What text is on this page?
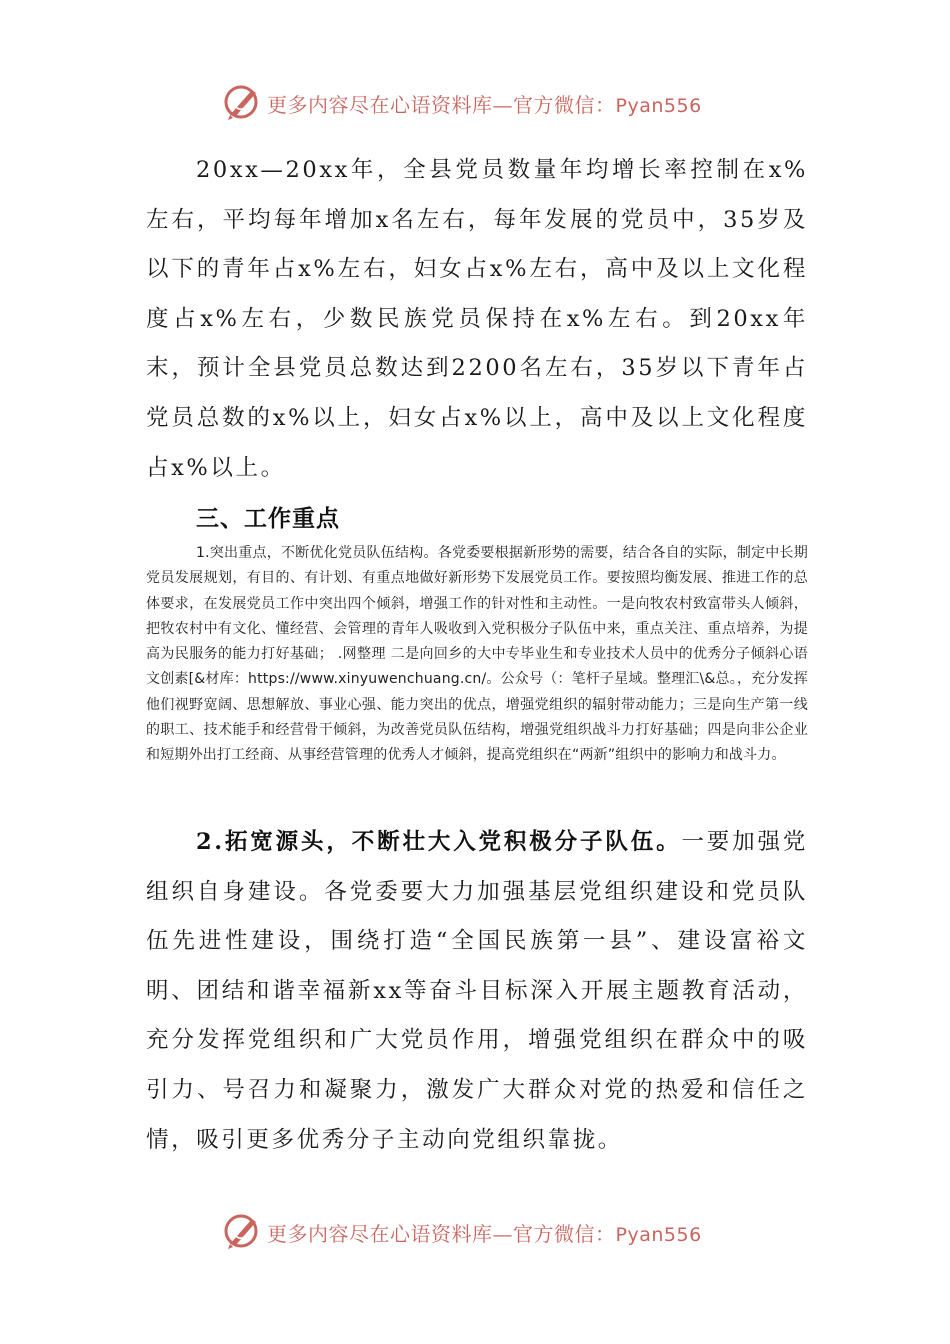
更多内容尽在心语资料库—官方微信：Pyan556

20xx—20xx年，全县党员数量年均增长率控制在x%左右，平均每年增加x名左右，每年发展的党员中，35岁及以下的青年占x%左右，妇女占x%左右，高中及以上文化程度占x%左右，少数民族党员保持在x%左右。到20xx年末，预计全县党员总数达到2200名左右，35岁以下青年占党员总数的x%以上，妇女占x%以上，高中及以上文化程度占x%以上。

三、工作重点

1.突出重点，不断优化党员队伍结构。各党委要根据新形势的需要，结合各自的实际，制定中长期党员发展规划，有目的、有计划、有重点地做好新形势下发展党员工作。要按照均衡发展、推进工作的总体要求，在发展党员工作中突出四个倾斜，增强工作的针对性和主动性。一是向牧农村致富带头人倾斜，把牧农村中有文化、懂经营、会管理的青年人吸收到入党积极分子队伍中来，重点关注、重点培养，为提高为民服务的能力打好基础； .网整理 二是向回乡的大中专毕业生和专业技术人员中的优秀分子倾斜心语文创素[&材库：https://www.xinyuwenchuang.cn/。公众号（：笔杆子星域。整理汇\&总。，充分发挥他们视野宽阔、思想解放、事业心强、能力突出的优点，增强党组织的辐射带动能力；三是向生产第一线的职工、技术能手和经营骨干倾斜，为改善党员队伍结构，增强党组织战斗力打好基础；四是向非公企业和短期外出打工经商、从事经营管理的优秀人才倾斜，提高党组织在“两新”组织中的影响力和战斗力。

2.拓宽源头，不断壮大入党积极分子队伍。一要加强党组织自身建设。各党委要大力加强基层党组织建设和党员队伍先进性建设，围绕打造“全国民族第一县”、建设富裕文明、团结和谐幸福新xx等奋斗目标深入开展主题教育活动，充分发挥党组织和广大党员作用，增强党组织在群众中的吸引力、号召力和凝聚力，激发广大群众对党的热爱和信任之情，吸引更多优秀分子主动向党组织靠拢。

更多内容尽在心语资料库—官方微信：Pyan556
